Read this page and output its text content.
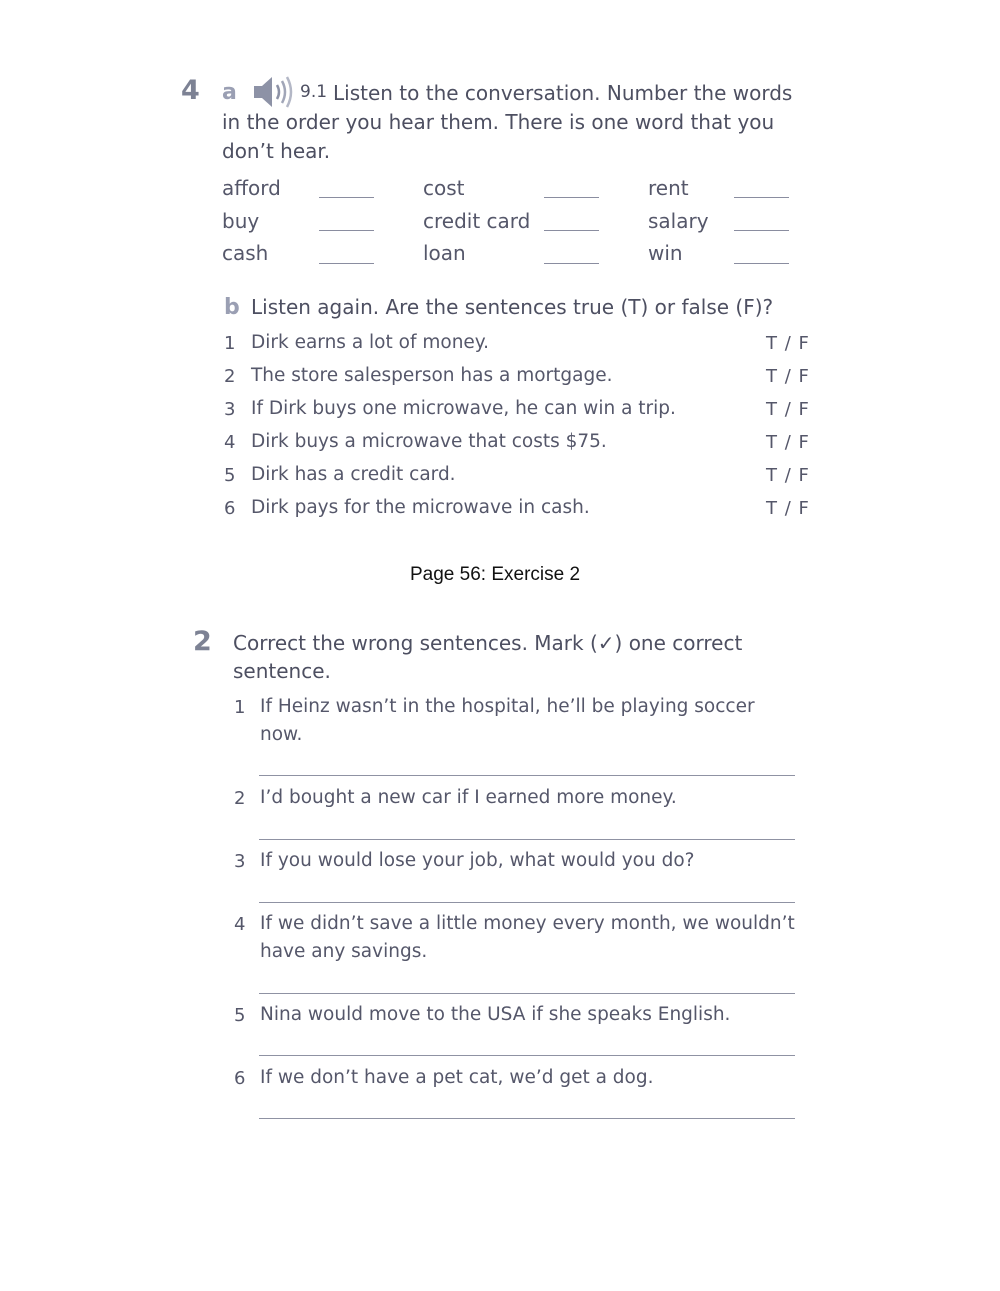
4 a	9.1 Listen to the conversation. Number the words
in the order you hear them. There is one word that you
don’t hear.
afford	cost	rent
buy	credit card	salary
cash	loan	win
b Listen again. Are the sentences true (T) or false (F)?
1 Dirk earns a lot of money.	T / F
2 The store salesperson has a mortgage.	T / F
3 If Dirk buys one microwave, he can win a trip.	T / F
4 Dirk buys a microwave that costs $75.	T / F
5 Dirk has a credit card.	T / F
6 Dirk pays for the microwave in cash.	T / F
Page 56: Exercise 2
2 Correct the wrong sentences. Mark (✓) one correct
sentence.
1 If Heinz wasn’t in the hospital, he’ll be playing soccer
now.
2 I’d bought a new car if I earned more money.
3 If you would lose your job, what would you do?
4 If we didn’t save a little money every month, we wouldn’t
have any savings.
5 Nina would move to the USA if she speaks English.
6 If we don’t have a pet cat, we’d get a dog.
